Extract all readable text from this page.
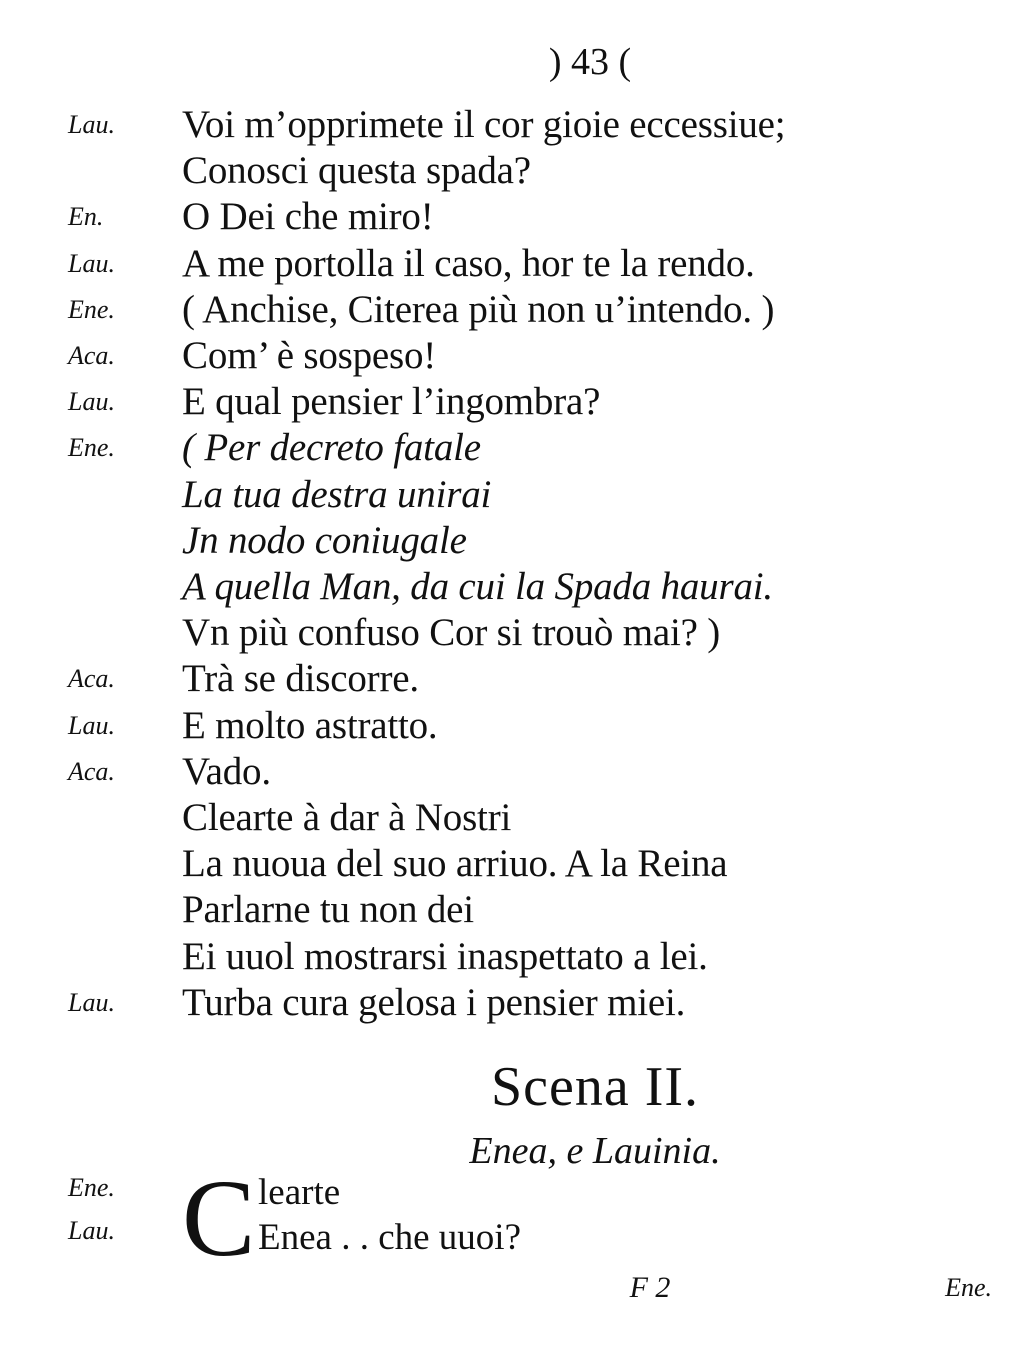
) 43 (
Lau.	Voi m’opprimete il cor gioie eccessiue;
Conosci questa spada?
En.	O Dei che miro!
Lau.	A me portolla il caso, hor te la rendo.
Ene.	( Anchise, Citerea più non u’intendo. )
Aca.	Com’ è sospeso!
Lau.	E qual pensier l’ingombra?
Ene.	( Per decreto fatale
La tua destra unirai
Jn nodo coniugale
A quella Man, da cui la Spada haurai.
Vn più confuso Cor si trouò mai? )
Aca.	Trà se discorre.
Lau.	E molto astratto.
Aca.	Vado.
Clearte à dar à Nostri
La nuoua del suo arriuo. A la Reina
Parlarne tu non dei
Ei uuol mostrarsi inaspettato a lei.
Lau.	Turba cura gelosa i pensier miei.
Scena II.
Enea, e Lauinia.
C
Ene.	learte
Lau.	Enea . . che uuoi?
F 2	Ene.
